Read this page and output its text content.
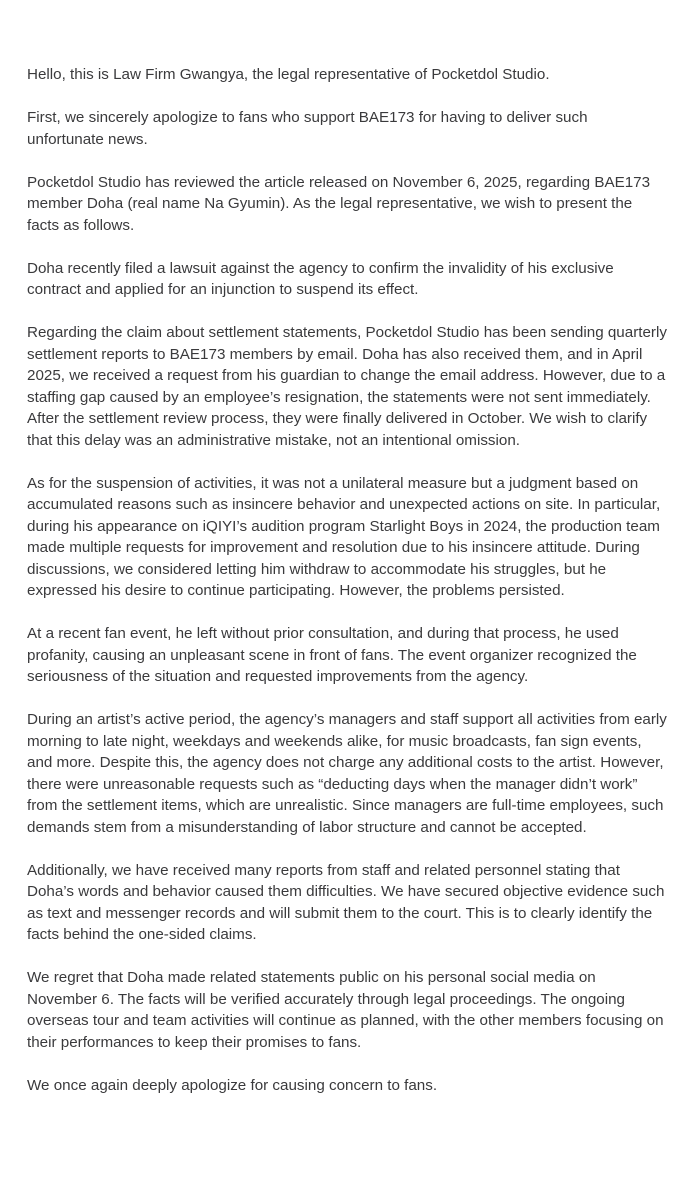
Hello, this is Law Firm Gwangya, the legal representative of Pocketdol Studio.

First, we sincerely apologize to fans who support BAE173 for having to deliver such unfortunate news.

Pocketdol Studio has reviewed the article released on November 6, 2025, regarding BAE173 member Doha (real name Na Gyumin). As the legal representative, we wish to present the facts as follows.

Doha recently filed a lawsuit against the agency to confirm the invalidity of his exclusive contract and applied for an injunction to suspend its effect.

Regarding the claim about settlement statements, Pocketdol Studio has been sending quarterly settlement reports to BAE173 members by email. Doha has also received them, and in April 2025, we received a request from his guardian to change the email address. However, due to a staffing gap caused by an employee’s resignation, the statements were not sent immediately. After the settlement review process, they were finally delivered in October. We wish to clarify that this delay was an administrative mistake, not an intentional omission.

As for the suspension of activities, it was not a unilateral measure but a judgment based on accumulated reasons such as insincere behavior and unexpected actions on site. In particular, during his appearance on iQIYI’s audition program Starlight Boys in 2024, the production team made multiple requests for improvement and resolution due to his insincere attitude. During discussions, we considered letting him withdraw to accommodate his struggles, but he expressed his desire to continue participating. However, the problems persisted.

At a recent fan event, he left without prior consultation, and during that process, he used profanity, causing an unpleasant scene in front of fans. The event organizer recognized the seriousness of the situation and requested improvements from the agency.

During an artist’s active period, the agency’s managers and staff support all activities from early morning to late night, weekdays and weekends alike, for music broadcasts, fan sign events, and more. Despite this, the agency does not charge any additional costs to the artist. However, there were unreasonable requests such as “deducting days when the manager didn’t work” from the settlement items, which are unrealistic. Since managers are full-time employees, such demands stem from a misunderstanding of labor structure and cannot be accepted.

Additionally, we have received many reports from staff and related personnel stating that Doha’s words and behavior caused them difficulties. We have secured objective evidence such as text and messenger records and will submit them to the court. This is to clearly identify the facts behind the one-sided claims.

We regret that Doha made related statements public on his personal social media on November 6. The facts will be verified accurately through legal proceedings. The ongoing overseas tour and team activities will continue as planned, with the other members focusing on their performances to keep their promises to fans.

We once again deeply apologize for causing concern to fans.
